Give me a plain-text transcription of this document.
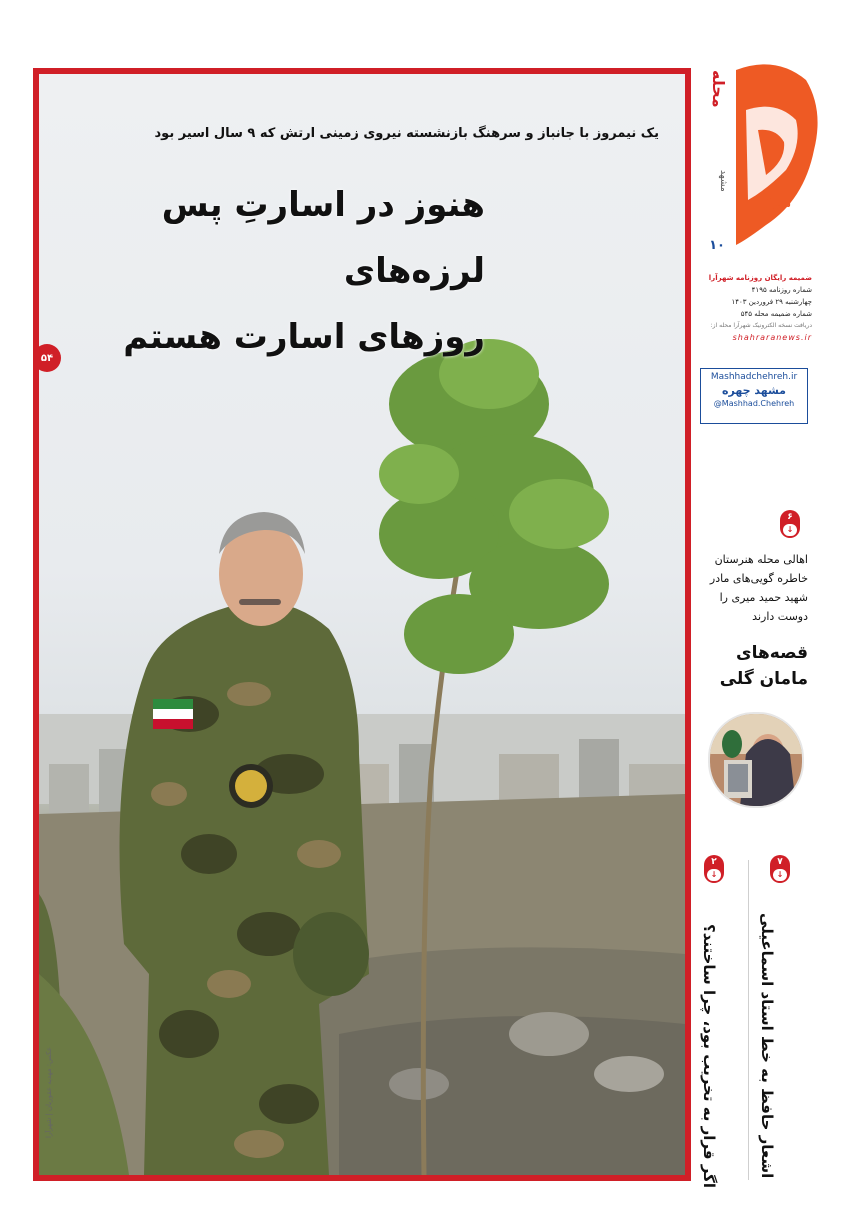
یک نیمروز با جانباز و سرهنگ بازنشسته نیروی زمینی ارتش که ۹ سال اسیر بود
هنوز در اسارتِ پس لرزه‌های
روزهای اسارت هستم
۵۴
عکس: مهدیه عقوریان | شهرآرا
شهرآرا
محله
مشهد
۱۰
ضمیمه رایگان روزنامه شهرآرا
شماره روزنامه ۴۱۹۵
چهارشنبه ۲۹ فروردین ۱۴۰۳
شماره ضمیمه محله ۵۴۵
دریافت نسخه الکترونیک شهرآرا محله از:
shahraranews.ir
Mashhadchehreh.ir
مشهد چهره
@Mashhad.Chehreh
۶
↓
اهالی محله هنرستان خاطره گویی‌های مادر شهید حمید میری را دوست دارند
قصه‌های مامان گلی
۷
↓
اشعار حافظ به خط استاد اسماعیلی
۲
↓
اگر قرار به تخریب بود، چرا ساختند؟
